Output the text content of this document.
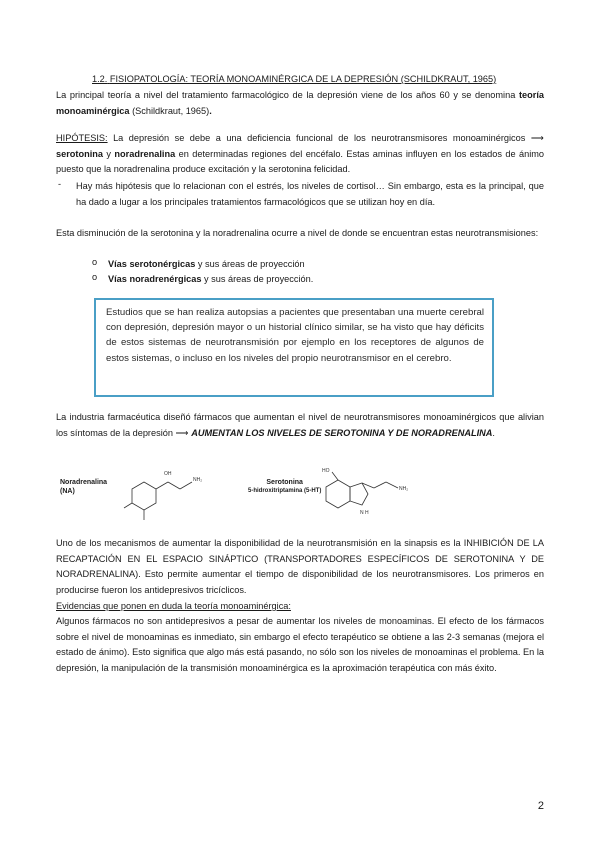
1.2. FISIOPATOLOGÍA: TEORÍA MONOAMINÉRGICA DE LA DEPRESIÓN (SCHILDKRAUT, 1965)
La principal teoría a nivel del tratamiento farmacológico de la depresión viene de los años 60 y se denomina teoría monoaminérgica (Schildkraut, 1965).
HIPÓTESIS: La depresión se debe a una deficiencia funcional de los neurotransmisores monoaminérgicos ⟶ serotonina y noradrenalina en determinadas regiones del encéfalo. Estas aminas influyen en los estados de ánimo puesto que la noradrenalina produce excitación y la serotonina felicidad.
- Hay más hipótesis que lo relacionan con el estrés, los niveles de cortisol… Sin embargo, esta es la principal, que ha dado a lugar a los principales tratamientos farmacológicos que se utilizan hoy en día.
Esta disminución de la serotonina y la noradrenalina ocurre a nivel de donde se encuentran estas neurotransmisiones:
o Vías serotonérgicas y sus áreas de proyección
o Vías noradrenérgicas y sus áreas de proyección.
Estudios que se han realiza autopsias a pacientes que presentaban una muerte cerebral con depresión, depresión mayor o un historial clínico similar, se ha visto que hay déficits de estos sistemas de neurotransmisión por ejemplo en los receptores de algunos de estos sistemas, o incluso en los niveles del propio neurotransmisor en el cerebro.
La industria farmacéutica diseñó fármacos que aumentan el nivel de neurotransmisores monoaminérgicos que alivian los síntomas de la depresión ⟶ AUMENTAN LOS NIVELES DE SEROTONINA Y DE NORADRENALINA.
Noradrenalina
(NA)
OH
NH₂	Serotonina
5-hidroxitriptamina (5-HT)
HO
NH₂
N H
Uno de los mecanismos de aumentar la disponibilidad de la neurotransmisión en la sinapsis es la INHIBICIÓN DE LA RECAPTACIÓN EN EL ESPACIO SINÁPTICO (TRANSPORTADORES ESPECÍFICOS DE SEROTONINA Y DE NORADRENALINA). Esto permite aumentar el tiempo de disponibilidad de los neurotransmisores. Los primeros en producirse fueron los antidepresivos tricíclicos.
Evidencias que ponen en duda la teoría monoaminérgica:
Algunos fármacos no son antidepresivos a pesar de aumentar los niveles de monoaminas. El efecto de los fármacos sobre el nivel de monoaminas es inmediato, sin embargo el efecto terapéutico se obtiene a las 2-3 semanas (mejora el estado de ánimo). Esto significa que algo más está pasando, no sólo son los niveles de monoaminas el problema. En la depresión, la manipulación de la transmisión monoaminérgica es la aproximación terapéutica con más éxito.
2
